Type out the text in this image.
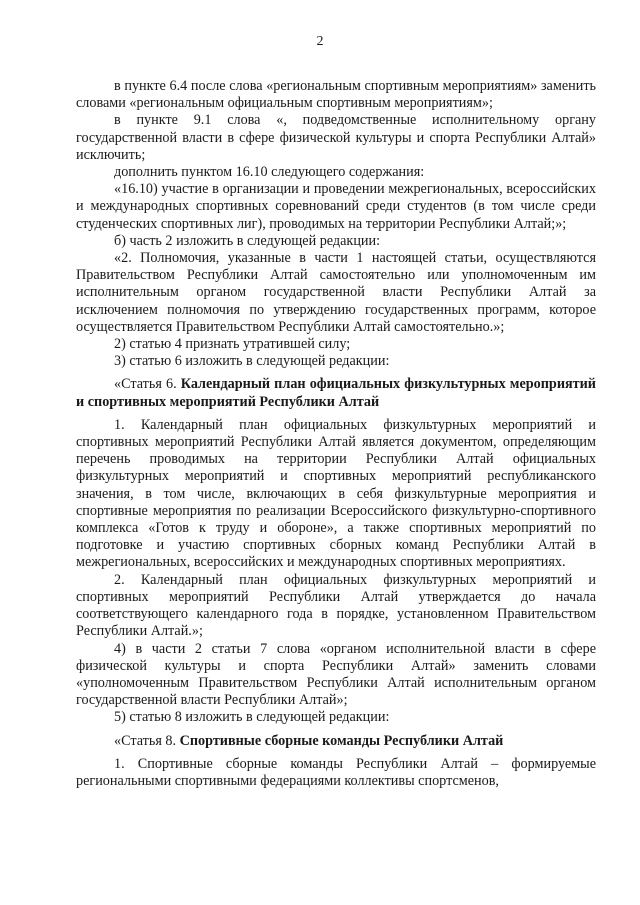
2

в пункте 6.4 после слова «региональным спортивным мероприятиям» заменить словами «региональным официальным спортивным мероприятиям»;

в пункте 9.1 слова «, подведомственные исполнительному органу государственной власти в сфере физической культуры и спорта Республики Алтай» исключить;

дополнить пунктом 16.10 следующего содержания:

«16.10) участие в организации и проведении межрегиональных, всероссийских и международных спортивных соревнований среди студентов (в том числе среди студенческих спортивных лиг), проводимых на территории Республики Алтай;»;

б) часть 2 изложить в следующей редакции:

«2. Полномочия, указанные в части 1 настоящей статьи, осуществляются Правительством Республики Алтай самостоятельно или уполномоченным им исполнительным органом государственной власти Республики Алтай за исключением полномочия по утверждению государственных программ, которое осуществляется Правительством Республики Алтай самостоятельно.»;

2) статью 4 признать утратившей силу;

3) статью 6 изложить в следующей редакции:

«Статья 6. Календарный план официальных физкультурных мероприятий и спортивных мероприятий Республики Алтай

1. Календарный план официальных физкультурных мероприятий и спортивных мероприятий Республики Алтай является документом, определяющим перечень проводимых на территории Республики Алтай официальных физкультурных мероприятий и спортивных мероприятий республиканского значения, в том числе, включающих в себя физкультурные мероприятия и спортивные мероприятия по реализации Всероссийского физкультурно-спортивного комплекса «Готов к труду и обороне», а также спортивных мероприятий по подготовке и участию спортивных сборных команд Республики Алтай в межрегиональных, всероссийских и международных спортивных мероприятиях.

2. Календарный план официальных физкультурных мероприятий и спортивных мероприятий Республики Алтай утверждается до начала соответствующего календарного года в порядке, установленном Правительством Республики Алтай.»;

4) в части 2 статьи 7 слова «органом исполнительной власти в сфере физической культуры и спорта Республики Алтай» заменить словами «уполномоченным Правительством Республики Алтай исполнительным органом государственной власти Республики Алтай»;

5) статью 8 изложить в следующей редакции:

«Статья 8. Спортивные сборные команды Республики Алтай

1. Спортивные сборные команды Республики Алтай – формируемые региональными спортивными федерациями коллективы спортсменов,
